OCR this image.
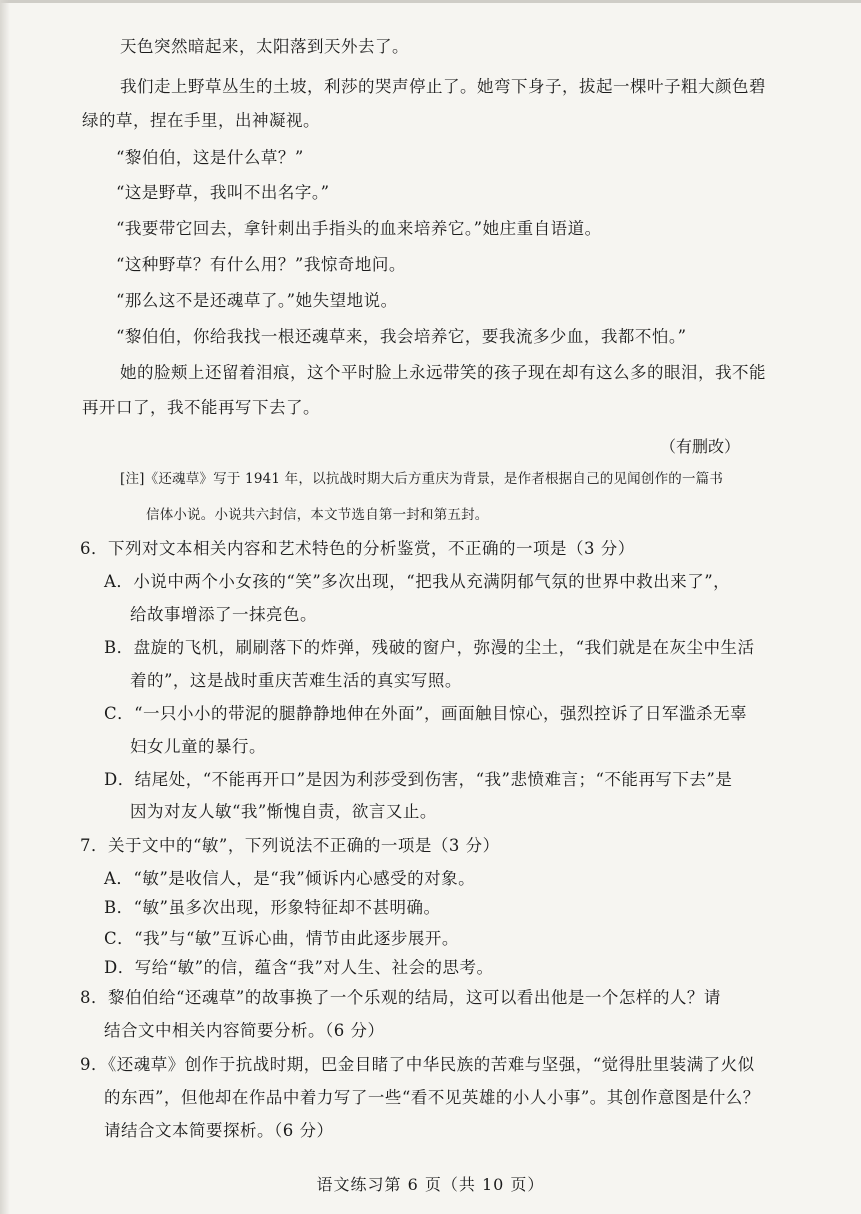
天色突然暗起来，太阳落到天外去了。
我们走上野草丛生的土坡，利莎的哭声停止了。她弯下身子，拔起一棵叶子粗大颜色碧
绿的草，捏在手里，出神凝视。
“黎伯伯，这是什么草？”
“这是野草，我叫不出名字。”
“我要带它回去，拿针刺出手指头的血来培养它。”她庄重自语道。
“这种野草？有什么用？”我惊奇地问。
“那么这不是还魂草了。”她失望地说。
“黎伯伯，你给我找一根还魂草来，我会培养它，要我流多少血，我都不怕。”
她的脸颊上还留着泪痕，这个平时脸上永远带笑的孩子现在却有这么多的眼泪，我不能
再开口了，我不能再写下去了。
（有删改）
[注]《还魂草》写于 1941 年，以抗战时期大后方重庆为背景，是作者根据自己的见闻创作的一篇书
信体小说。小说共六封信，本文节选自第一封和第五封。
6．下列对文本相关内容和艺术特色的分析鉴赏，不正确的一项是（3 分）
A．小说中两个小女孩的“笑”多次出现，“把我从充满阴郁气氛的世界中救出来了”，
给故事增添了一抹亮色。
B．盘旋的飞机，刷刷落下的炸弹，残破的窗户，弥漫的尘土，“我们就是在灰尘中生活
着的”，这是战时重庆苦难生活的真实写照。
C．“一只小小的带泥的腿静静地伸在外面”，画面触目惊心，强烈控诉了日军滥杀无辜
妇女儿童的暴行。
D．结尾处，“不能再开口”是因为利莎受到伤害，“我”悲愤难言；“不能再写下去”是
因为对友人敏“我”惭愧自责，欲言又止。
7．关于文中的“敏”，下列说法不正确的一项是（3 分）
A．“敏”是收信人，是“我”倾诉内心感受的对象。
B．“敏”虽多次出现，形象特征却不甚明确。
C．“我”与“敏”互诉心曲，情节由此逐步展开。
D．写给“敏”的信，蕴含“我”对人生、社会的思考。
8．黎伯伯给“还魂草”的故事换了一个乐观的结局，这可以看出他是一个怎样的人？请
结合文中相关内容简要分析。（6 分）
9．《还魂草》创作于抗战时期，巴金目睹了中华民族的苦难与坚强，“觉得肚里装满了火似
的东西”，但他却在作品中着力写了一些“看不见英雄的小人小事”。其创作意图是什么？
请结合文本简要探析。（6 分）
语文练习第 6 页（共 10 页）
